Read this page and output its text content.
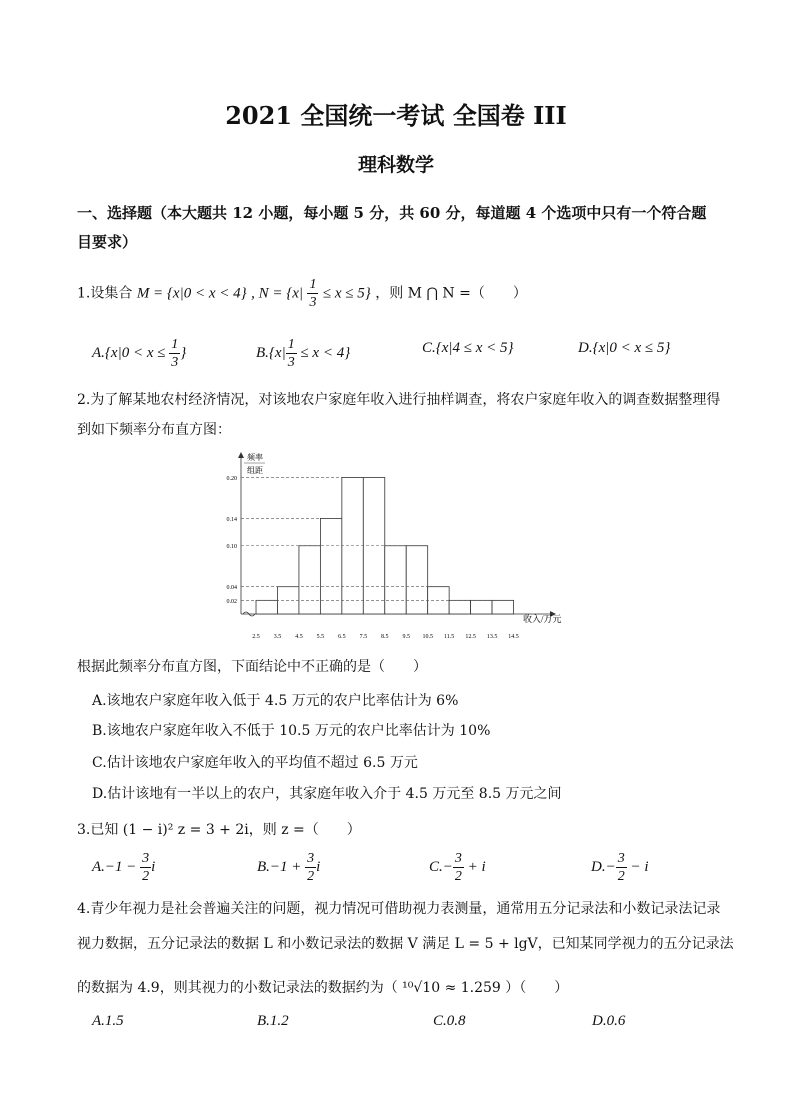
2021 全国统一考试 全国卷 III
理科数学
一、选择题（本大题共 12 小题，每小题 5 分，共 60 分，每道题 4 个选项中只有一个符合题目要求）
1.设集合 M = {x|0 < x < 4} , $N = \{x| \frac{1}{3} \le x \le 5\}$ ，则 M ⋂ N =（　　）
$A.\{x|0 < x \le \frac{1}{3}$ }	$B.\{x| \frac{1}{3} \le x < 4\}$	C.{x|4 ≤ x < 5}	D.{x|0 < x ≤ 5}
2.为了解某地农村经济情况，对该地农户家庭年收入进行抽样调查，将农户家庭年收入的调查数据整理得
到如下频率分布直方图：
0.02
0.04
0.10
0.14
0.20
2.5 3.5 4.5 5.5 6.5 7.5 8.5 9.5 10.5 11.5 12.5 13.5 14.5
频率
组距
收入/万元
根据此频率分布直方图，下面结论中不正确的是（　　）
A.该地农户家庭年收入低于 4.5 万元的农户比率估计为 6%
B.该地农户家庭年收入不低于 10.5 万元的农户比率估计为 10%
C.估计该地农户家庭年收入的平均值不超过 6.5 万元
D.估计该地有一半以上的农户，其家庭年收入介于 4.5 万元至 8.5 万元之间
3.已知 (1 − i)² z = 3 + 2i，则 z =（　　）
$A.-1 - \frac{3}{2}$ i	$B.-1 + \frac{3}{2}$ i	$C.- \frac{3}{2} + i$	$D.- \frac{3}{2} - i$
4.青少年视力是社会普遍关注的问题，视力情况可借助视力表测量，通常用五分记录法和小数记录法记录
视力数据，五分记录法的数据 L 和小数记录法的数据 V 满足 L = 5 + lgV，已知某同学视力的五分记录法
的数据为 4.9，则其视力的小数记录法的数据约为（ ¹⁰√10 ≈ 1.259 ）（　　）
A.1.5	B.1.2	C.0.8	D.0.6
